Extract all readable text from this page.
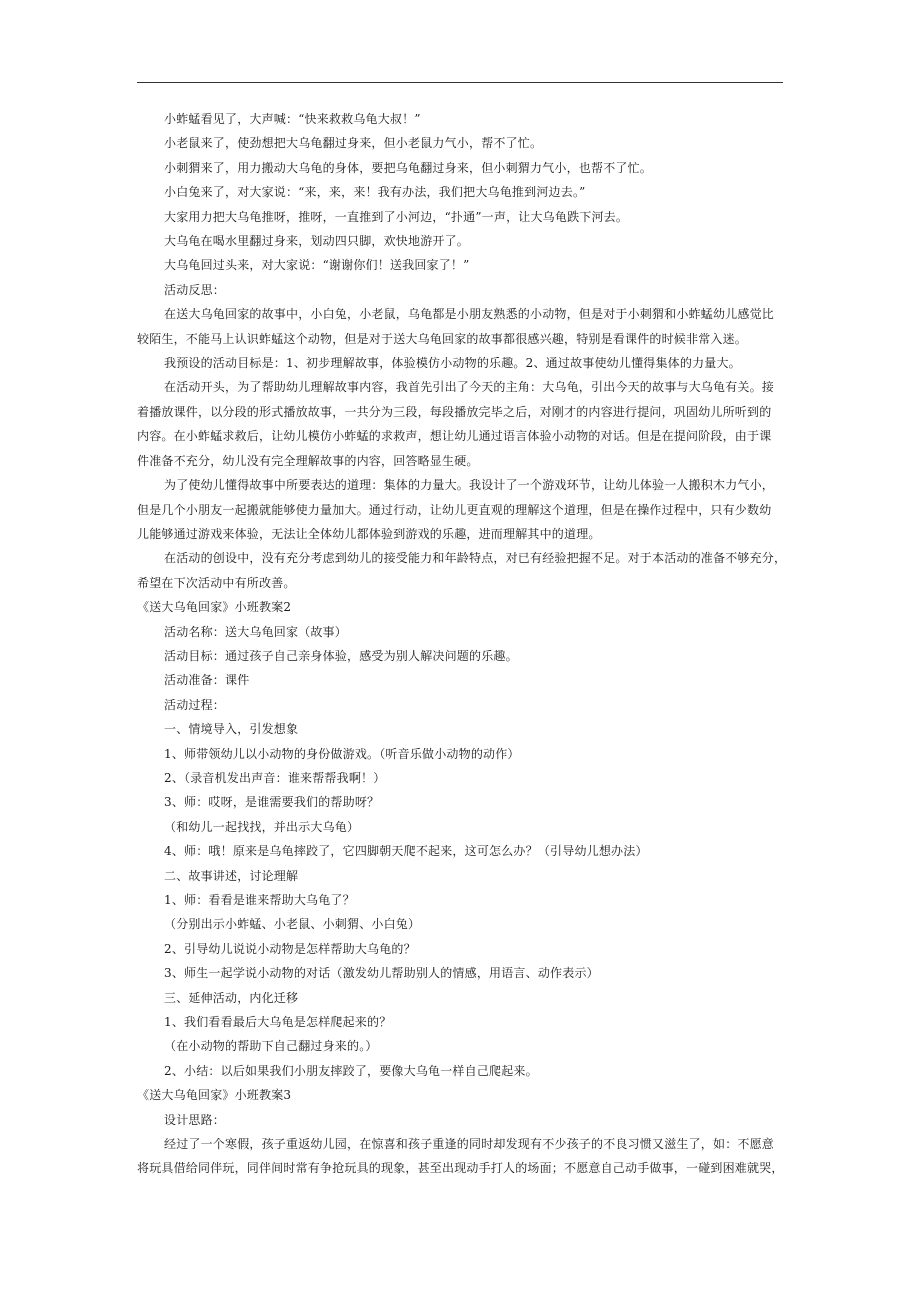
小蚱蜢看见了，大声喊：“快来救救乌龟大叔！”

小老鼠来了，使劲想把大乌龟翻过身来，但小老鼠力气小，帮不了忙。

小刺猬来了，用力搬动大乌龟的身体，要把乌龟翻过身来，但小刺猬力气小，也帮不了忙。

小白兔来了，对大家说：“来，来，来！我有办法，我们把大乌龟推到河边去。”

大家用力把大乌龟推呀，推呀，一直推到了小河边，“扑通”一声，让大乌龟跌下河去。

大乌龟在喝水里翻过身来，划动四只脚，欢快地游开了。

大乌龟回过头来，对大家说：“谢谢你们！送我回家了！”

活动反思：

在送大乌龟回家的故事中，小白兔，小老鼠，乌龟都是小朋友熟悉的小动物，但是对于小刺猬和小蚱蜢幼儿感觉比
较陌生，不能马上认识蚱蜢这个动物，但是对于送大乌龟回家的故事都很感兴趣，特别是看课件的时候非常入迷。
我预设的活动目标是：1、初步理解故事，体验模仿小动物的乐趣。2、通过故事使幼儿懂得集体的力量大。
在活动开头，为了帮助幼儿理解故事内容，我首先引出了今天的主角：大乌龟，引出今天的故事与大乌龟有关。接
着播放课件，以分段的形式播放故事，一共分为三段，每段播放完毕之后，对刚才的内容进行提问，巩固幼儿所听到的
内容。在小蚱蜢求救后，让幼儿模仿小蚱蜢的求救声，想让幼儿通过语言体验小动物的对话。但是在提问阶段，由于课
件准备不充分，幼儿没有完全理解故事的内容，回答略显生硬。
为了使幼儿懂得故事中所要表达的道理：集体的力量大。我设计了一个游戏环节，让幼儿体验一人搬积木力气小，
但是几个小朋友一起搬就能够使力量加大。通过行动，让幼儿更直观的理解这个道理，但是在操作过程中，只有少数幼
儿能够通过游戏来体验，无法让全体幼儿都体验到游戏的乐趣，进而理解其中的道理。
在活动的创设中，没有充分考虑到幼儿的接受能力和年龄特点，对已有经验把握不足。对于本活动的准备不够充分，
希望在下次活动中有所改善。

《送大乌龟回家》小班教案2

活动名称：送大乌龟回家（故事）

活动目标：通过孩子自己亲身体验，感受为别人解决问题的乐趣。

活动准备：课件

活动过程：

一、情境导入，引发想象

1、师带领幼儿以小动物的身份做游戏。（听音乐做小动物的动作）

2、（录音机发出声音：谁来帮帮我啊！）

3、师：哎呀，是谁需要我们的帮助呀？

（和幼儿一起找找，并出示大乌龟）

4、师：哦！原来是乌龟摔跤了，它四脚朝天爬不起来，这可怎么办？（引导幼儿想办法）

二、故事讲述，讨论理解

1、师：看看是谁来帮助大乌龟了？

（分别出示小蚱蜢、小老鼠、小刺猬、小白兔）

2、引导幼儿说说小动物是怎样帮助大乌龟的？

3、师生一起学说小动物的对话（激发幼儿帮助别人的情感，用语言、动作表示）

三、延伸活动，内化迁移

1、我们看看最后大乌龟是怎样爬起来的？

（在小动物的帮助下自己翻过身来的。）

2、小结：以后如果我们小朋友摔跤了，要像大乌龟一样自己爬起来。

《送大乌龟回家》小班教案3

设计思路：

经过了一个寒假，孩子重返幼儿园，在惊喜和孩子重逢的同时却发现有不少孩子的不良习惯又滋生了，如：不愿意
将玩具借给同伴玩，同伴间时常有争抢玩具的现象，甚至出现动手打人的场面；不愿意自己动手做事，一碰到困难就哭，
